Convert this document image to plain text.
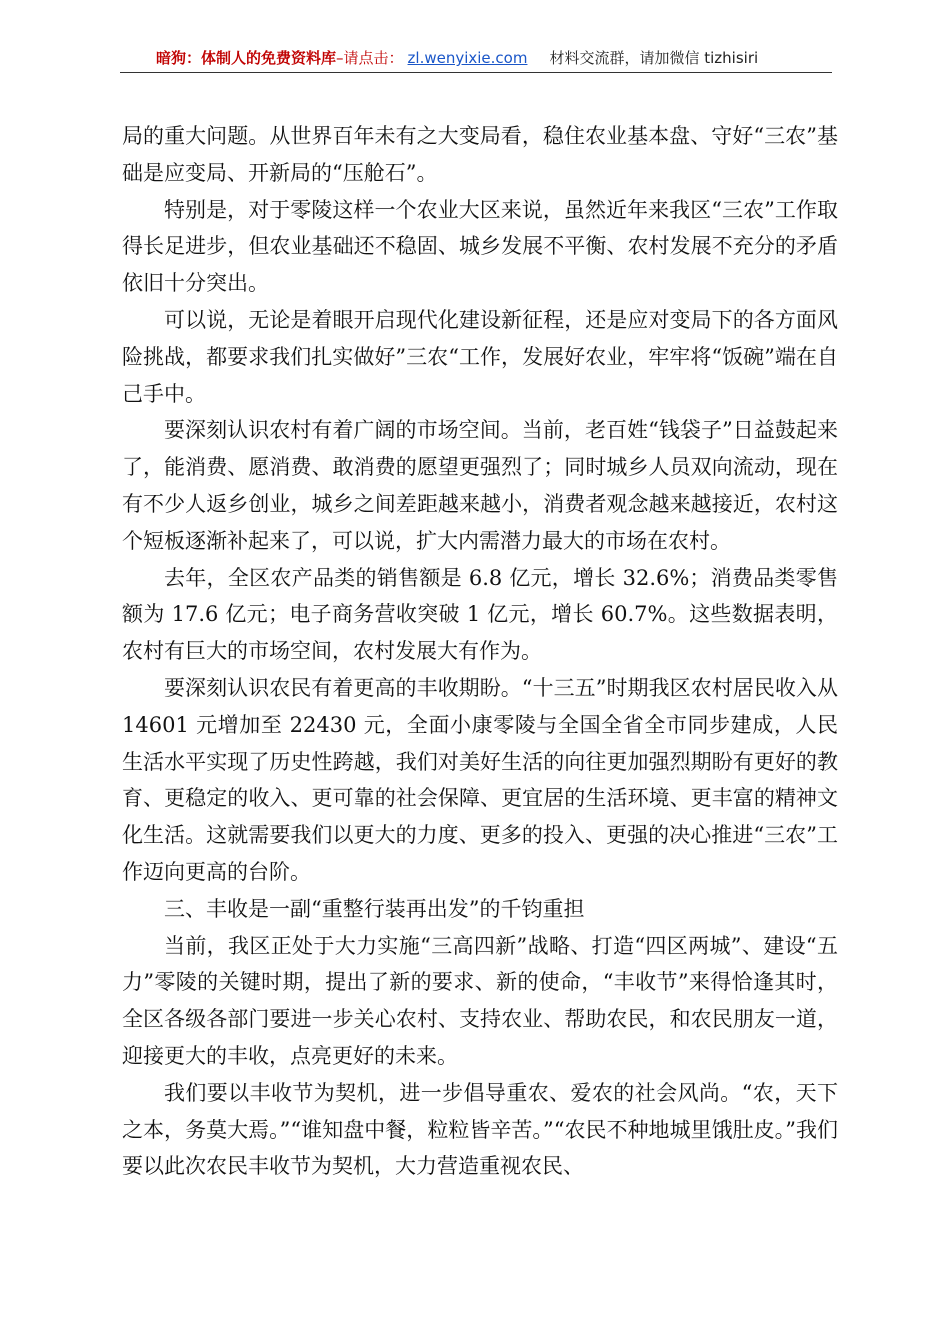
暗狗：体制人的免费资料库–请点击： zl.wenyixie.com 材料交流群，请加微信 tizhisiri

局的重大问题。从世界百年未有之大变局看，稳住农业基本盘、守好“三农”基础是应变局、开新局的“压舱石”。

特别是，对于零陵这样一个农业大区来说，虽然近年来我区“三农”工作取得长足进步，但农业基础还不稳固、城乡发展不平衡、农村发展不充分的矛盾依旧十分突出。

可以说，无论是着眼开启现代化建设新征程，还是应对变局下的各方面风险挑战，都要求我们扎实做好”三农“工作，发展好农业，牢牢将“饭碗”端在自己手中。

要深刻认识农村有着广阔的市场空间。当前，老百姓“钱袋子”日益鼓起来了，能消费、愿消费、敢消费的愿望更强烈了；同时城乡人员双向流动，现在有不少人返乡创业，城乡之间差距越来越小，消费者观念越来越接近，农村这个短板逐渐补起来了，可以说，扩大内需潜力最大的市场在农村。

去年，全区农产品类的销售额是 6.8 亿元，增长 32.6%；消费品类零售额为 17.6 亿元；电子商务营收突破 1 亿元，增长 60.7%。这些数据表明，农村有巨大的市场空间，农村发展大有作为。

要深刻认识农民有着更高的丰收期盼。“十三五”时期我区农村居民收入从 14601 元增加至 22430 元，全面小康零陵与全国全省全市同步建成，人民生活水平实现了历史性跨越，我们对美好生活的向往更加强烈期盼有更好的教育、更稳定的收入、更可靠的社会保障、更宜居的生活环境、更丰富的精神文化生活。这就需要我们以更大的力度、更多的投入、更强的决心推进“三农”工作迈向更高的台阶。

三、丰收是一副“重整行装再出发”的千钧重担

当前，我区正处于大力实施“三高四新”战略、打造“四区两城”、建设“五力”零陵的关键时期，提出了新的要求、新的使命，“丰收节”来得恰逢其时，全区各级各部门要进一步关心农村、支持农业、帮助农民，和农民朋友一道，迎接更大的丰收，点亮更好的未来。

我们要以丰收节为契机，进一步倡导重农、爱农的社会风尚。“农，天下之本，务莫大焉。”“谁知盘中餐，粒粒皆辛苦。”“农民不种地城里饿肚皮。”我们要以此次农民丰收节为契机，大力营造重视农民、
